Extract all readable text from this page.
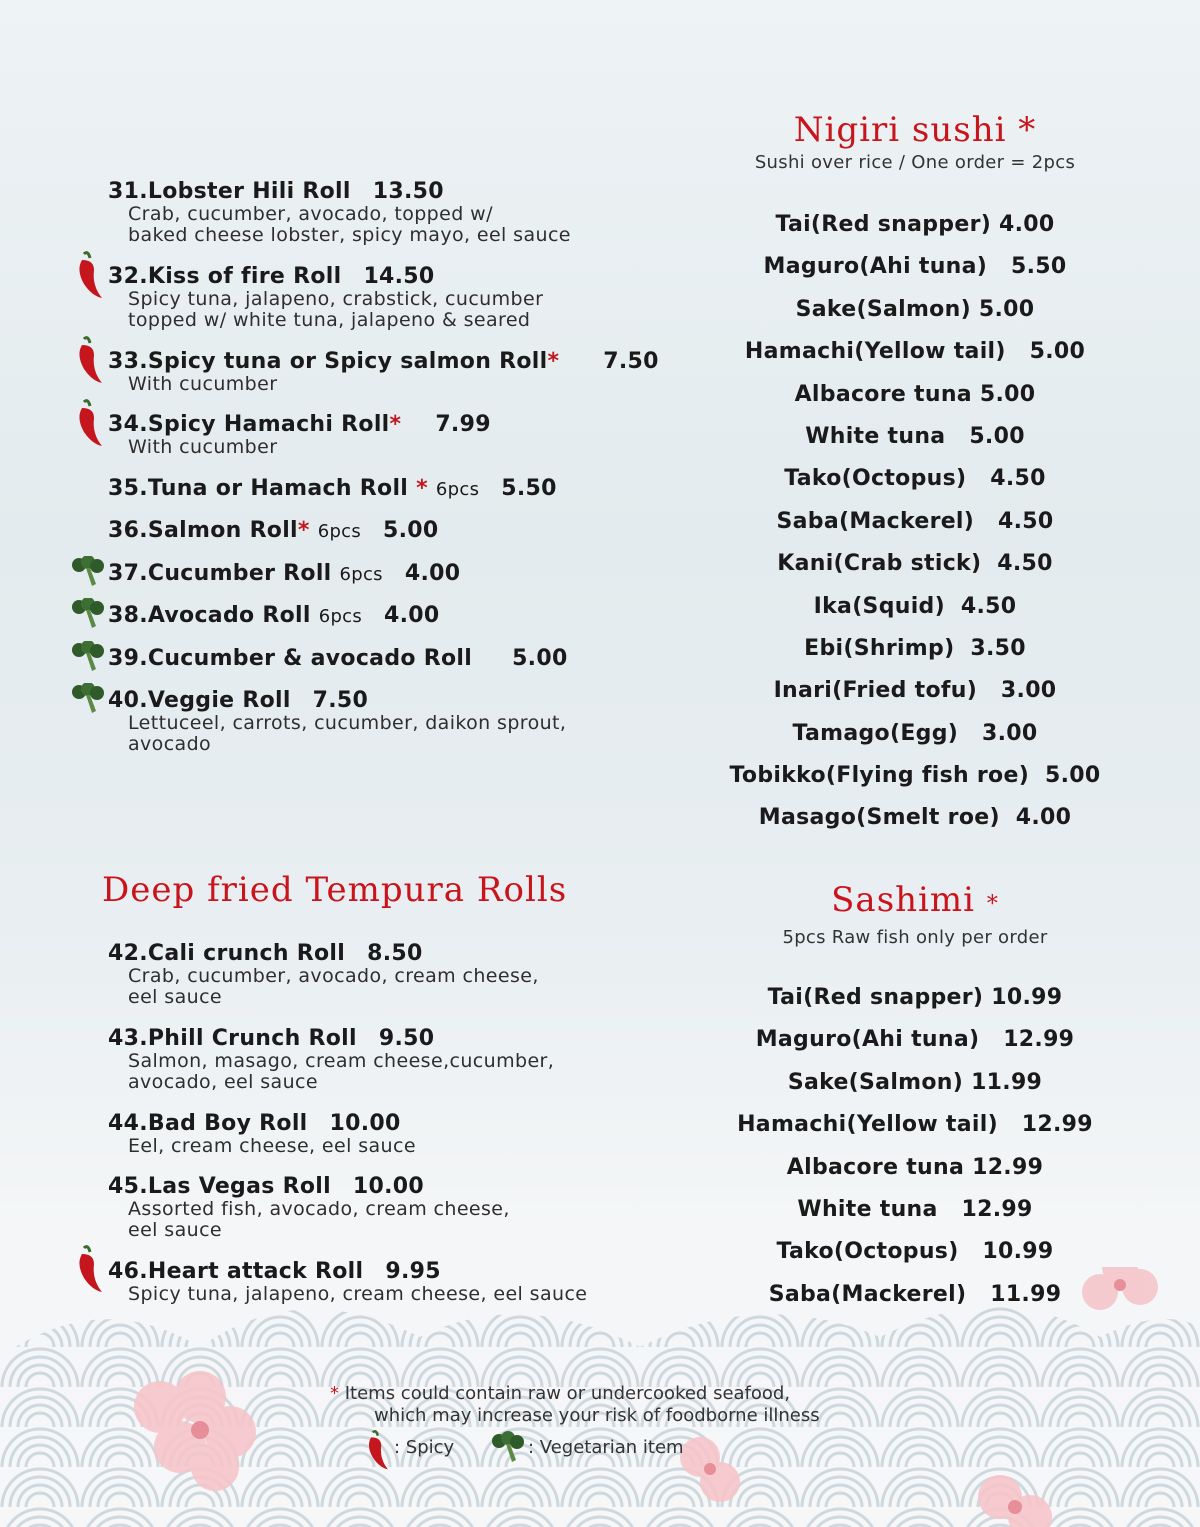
31.Lobster Hili Roll 13.50
Crab, cucumber, avocado, topped w/
baked cheese lobster, spicy mayo, eel sauce
32.Kiss of fire Roll 14.50
Spicy tuna, jalapeno, crabstick, cucumber
topped w/ white tuna, jalapeno & seared
33.Spicy tuna or Spicy salmon Roll* 7.50
With cucumber
34.Spicy Hamachi Roll* 7.99
With cucumber
35.Tuna or Hamach Roll * 6pcs 5.50
36.Salmon Roll* 6pcs 5.00
37.Cucumber Roll 6pcs 4.00
38.Avocado Roll 6pcs 4.00
39.Cucumber & avocado Roll 5.00
40.Veggie Roll 7.50
Lettuceel, carrots, cucumber, daikon sprout,
avocado
Deep fried Tempura Rolls
42.Cali crunch Roll 8.50
Crab, cucumber, avocado, cream cheese,
eel sauce
43.Phill Crunch Roll 9.50
Salmon, masago, cream cheese,cucumber,
avocado, eel sauce
44.Bad Boy Roll 10.00
Eel, cream cheese, eel sauce
45.Las Vegas Roll 10.00
Assorted fish, avocado, cream cheese,
eel sauce
46.Heart attack Roll 9.95
Spicy tuna, jalapeno, cream cheese, eel sauce
Nigiri sushi *
Sushi over rice / One order = 2pcs
Tai(Red snapper) 4.00
Maguro(Ahi tuna)   5.50
Sake(Salmon) 5.00
Hamachi(Yellow tail)   5.00
Albacore tuna 5.00
White tuna   5.00
Tako(Octopus)   4.50
Saba(Mackerel)   4.50
Kani(Crab stick)  4.50
Ika(Squid)  4.50
Ebi(Shrimp)  3.50
Inari(Fried tofu)   3.00
Tamago(Egg)   3.00
Tobikko(Flying fish roe)  5.00
Masago(Smelt roe)  4.00
Sashimi *
5pcs Raw fish only per order
Tai(Red snapper) 10.99
Maguro(Ahi tuna)   12.99
Sake(Salmon) 11.99
Hamachi(Yellow tail)   12.99
Albacore tuna 12.99
White tuna   12.99
Tako(Octopus)   10.99
Saba(Mackerel)   11.99
* Items could contain raw or undercooked seafood,
which may increase your risk of foodborne illness
: Spicy	: Vegetarian item
